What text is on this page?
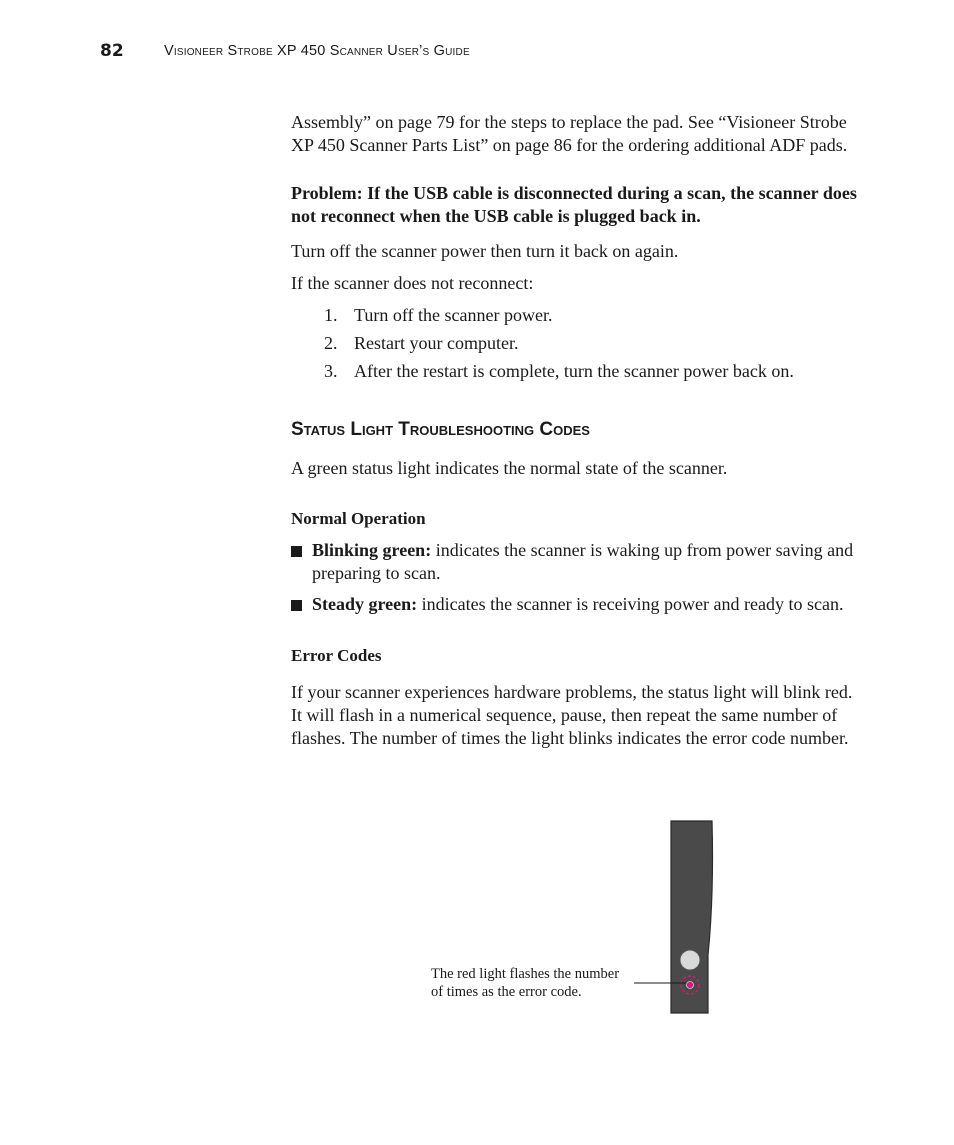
82	Visioneer Strobe XP 450 Scanner User’s Guide

Assembly” on page 79 for the steps to replace the pad. See “Visioneer Strobe XP 450 Scanner Parts List” on page 86 for the ordering additional ADF pads.

Problem: If the USB cable is disconnected during a scan, the scanner does not reconnect when the USB cable is plugged back in.

Turn off the scanner power then turn it back on again.

If the scanner does not reconnect:

1. Turn off the scanner power.
2. Restart your computer.
3. After the restart is complete, turn the scanner power back on.
Status Light Troubleshooting Codes

A green status light indicates the normal state of the scanner.

Normal Operation
Blinking green: indicates the scanner is waking up from power saving and preparing to scan.
Steady green: indicates the scanner is receiving power and ready to scan.
Error Codes

If your scanner experiences hardware problems, the status light will blink red. It will flash in a numerical sequence, pause, then repeat the same number of flashes. The number of times the light blinks indicates the error code number.

The red light flashes the number
of times as the error code.
